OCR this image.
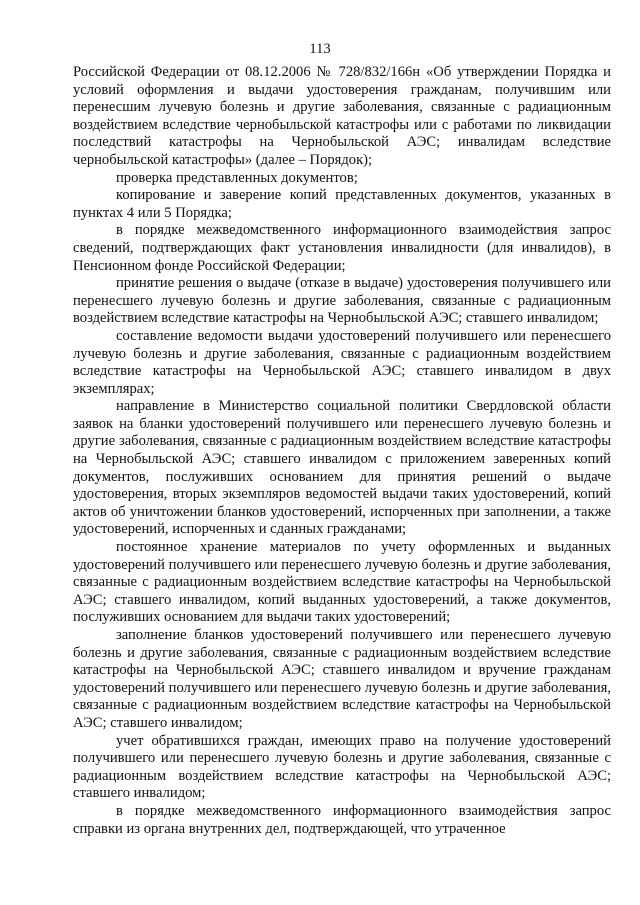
113

Российской Федерации от 08.12.2006 № 728/832/166н «Об утверждении Порядка и условий оформления и выдачи удостоверения гражданам, получившим или перенесшим лучевую болезнь и другие заболевания, связанные с радиационным воздействием вследствие чернобыльской катастрофы или с работами по ликвидации последствий катастрофы на Чернобыльской АЭС; инвалидам вследствие чернобыльской катастрофы» (далее – Порядок);

проверка представленных документов;

копирование и заверение копий представленных документов, указанных в пунктах 4 или 5 Порядка;

в порядке межведомственного информационного взаимодействия запрос сведений, подтверждающих факт установления инвалидности (для инвалидов), в Пенсионном фонде Российской Федерации;

принятие решения о выдаче (отказе в выдаче) удостоверения получившего или перенесшего лучевую болезнь и другие заболевания, связанные с радиационным воздействием вследствие катастрофы на Чернобыльской АЭС; ставшего инвалидом;

составление ведомости выдачи удостоверений получившего или перенесшего лучевую болезнь и другие заболевания, связанные с радиационным воздействием вследствие катастрофы на Чернобыльской АЭС; ставшего инвалидом в двух экземплярах;

направление в Министерство социальной политики Свердловской области заявок на бланки удостоверений получившего или перенесшего лучевую болезнь и другие заболевания, связанные с радиационным воздействием вследствие катастрофы на Чернобыльской АЭС; ставшего инвалидом с приложением заверенных копий документов, послуживших основанием для принятия решений о выдаче удостоверения, вторых экземпляров ведомостей выдачи таких удостоверений, копий актов об уничтожении бланков удостоверений, испорченных при заполнении, а также удостоверений, испорченных и сданных гражданами;

постоянное хранение материалов по учету оформленных и выданных удостоверений получившего или перенесшего лучевую болезнь и другие заболевания, связанные с радиационным воздействием вследствие катастрофы на Чернобыльской АЭС; ставшего инвалидом, копий выданных удостоверений, а также документов, послуживших основанием для выдачи таких удостоверений;

заполнение бланков удостоверений получившего или перенесшего лучевую болезнь и другие заболевания, связанные с радиационным воздействием вследствие катастрофы на Чернобыльской АЭС; ставшего инвалидом и вручение гражданам удостоверений получившего или перенесшего лучевую болезнь и другие заболевания, связанные с радиационным воздействием вследствие катастрофы на Чернобыльской АЭС; ставшего инвалидом;

учет обратившихся граждан, имеющих право на получение удостоверений получившего или перенесшего лучевую болезнь и другие заболевания, связанные с радиационным воздействием вследствие катастрофы на Чернобыльской АЭС; ставшего инвалидом;

в порядке межведомственного информационного взаимодействия запрос справки из органа внутренних дел, подтверждающей, что утраченное
